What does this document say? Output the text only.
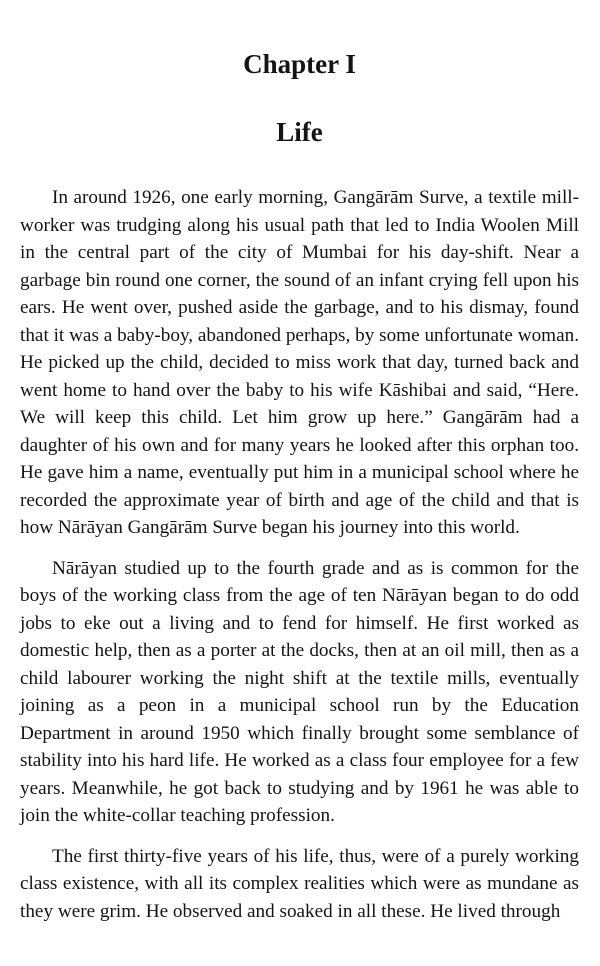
Chapter I
Life

In around 1926, one early morning, Gangārām Surve, a textile mill-worker was trudging along his usual path that led to India Woolen Mill in the central part of the city of Mumbai for his day-shift. Near a garbage bin round one corner, the sound of an infant crying fell upon his ears. He went over, pushed aside the garbage, and to his dismay, found that it was a baby-boy, abandoned perhaps, by some unfortunate woman. He picked up the child, decided to miss work that day, turned back and went home to hand over the baby to his wife Kāshibai and said, “Here. We will keep this child. Let him grow up here.” Gangārām had a daughter of his own and for many years he looked after this orphan too. He gave him a name, eventually put him in a municipal school where he recorded the approximate year of birth and age of the child and that is how Nārāyan Gangārām Surve began his journey into this world.

Nārāyan studied up to the fourth grade and as is common for the boys of the working class from the age of ten Nārāyan began to do odd jobs to eke out a living and to fend for himself. He first worked as domestic help, then as a porter at the docks, then at an oil mill, then as a child labourer working the night shift at the textile mills, eventually joining as a peon in a municipal school run by the Education Department in around 1950 which finally brought some semblance of stability into his hard life. He worked as a class four employee for a few years. Meanwhile, he got back to studying and by 1961 he was able to join the white-collar teaching profession.

The first thirty-five years of his life, thus, were of a purely working class existence, with all its complex realities which were as mundane as they were grim. He observed and soaked in all these. He lived through
